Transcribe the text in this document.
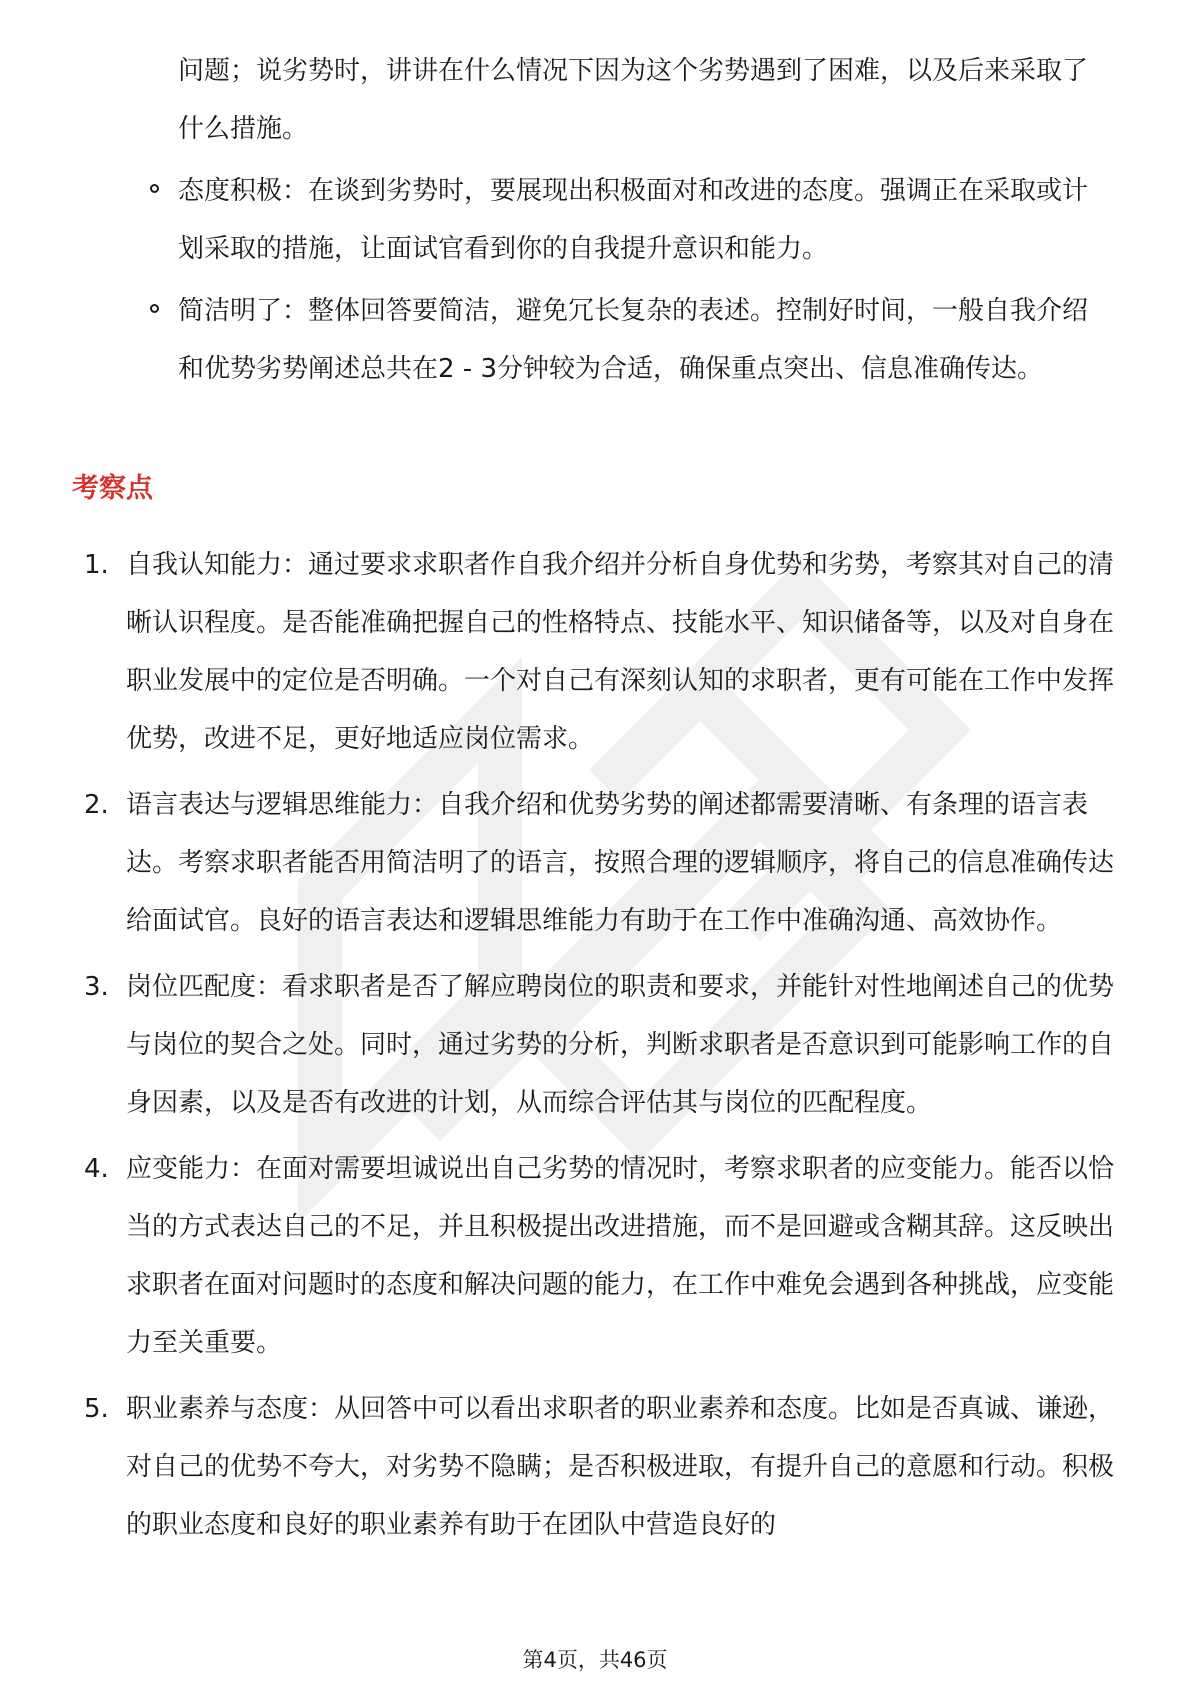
问题；说劣势时，讲讲在什么情况下因为这个劣势遇到了困难，以及后来采取了什么措施。
态度积极：在谈到劣势时，要展现出积极面对和改进的态度。强调正在采取或计划采取的措施，让面试官看到你的自我提升意识和能力。
简洁明了：整体回答要简洁，避免冗长复杂的表述。控制好时间，一般自我介绍和优势劣势阐述总共在2 - 3分钟较为合适，确保重点突出、信息准确传达。
考察点
1. 自我认知能力：通过要求求职者作自我介绍并分析自身优势和劣势，考察其对自己的清晰认识程度。是否能准确把握自己的性格特点、技能水平、知识储备等，以及对自身在职业发展中的定位是否明确。一个对自己有深刻认知的求职者，更有可能在工作中发挥优势，改进不足，更好地适应岗位需求。
2. 语言表达与逻辑思维能力：自我介绍和优势劣势的阐述都需要清晰、有条理的语言表达。考察求职者能否用简洁明了的语言，按照合理的逻辑顺序，将自己的信息准确传达给面试官。良好的语言表达和逻辑思维能力有助于在工作中准确沟通、高效协作。
3. 岗位匹配度：看求职者是否了解应聘岗位的职责和要求，并能针对性地阐述自己的优势与岗位的契合之处。同时，通过劣势的分析，判断求职者是否意识到可能影响工作的自身因素，以及是否有改进的计划，从而综合评估其与岗位的匹配程度。
4. 应变能力：在面对需要坦诚说出自己劣势的情况时，考察求职者的应变能力。能否以恰当的方式表达自己的不足，并且积极提出改进措施，而不是回避或含糊其辞。这反映出求职者在面对问题时的态度和解决问题的能力，在工作中难免会遇到各种挑战，应变能力至关重要。
5. 职业素养与态度：从回答中可以看出求职者的职业素养和态度。比如是否真诚、谦逊，对自己的优势不夸大，对劣势不隐瞒；是否积极进取，有提升自己的意愿和行动。积极的职业态度和良好的职业素养有助于在团队中营造良好的
第4页，共46页
